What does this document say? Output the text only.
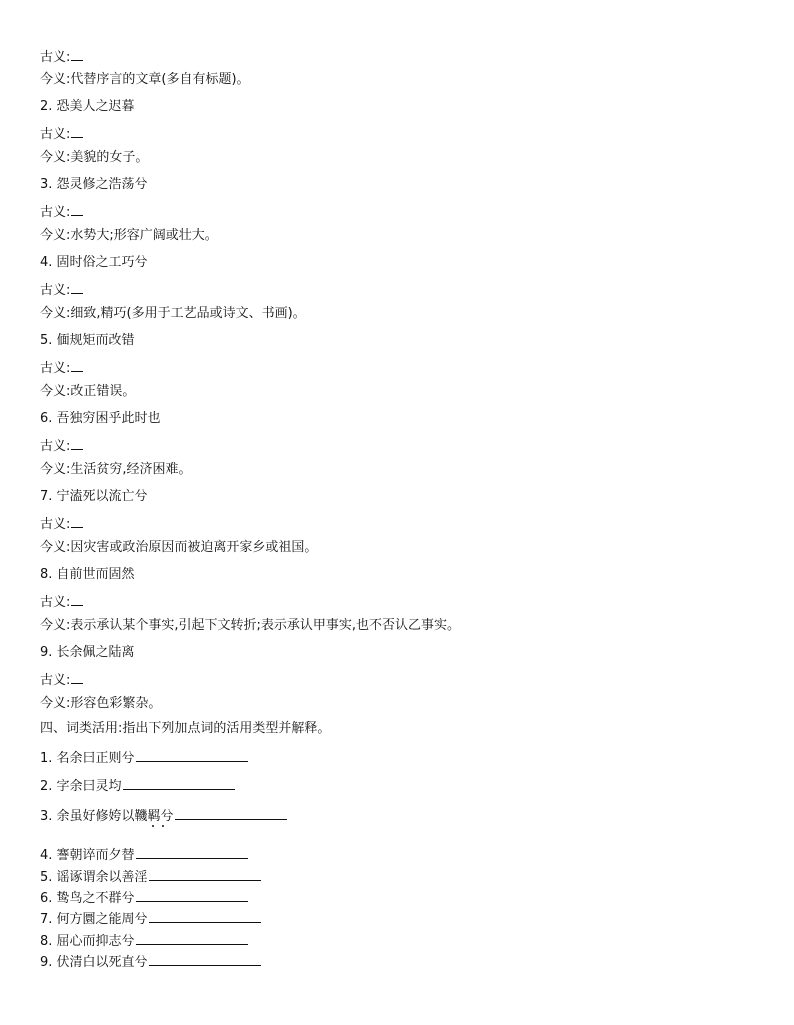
古义:
今义:代替序言的文章(多自有标题)。
2. 恐美人之迟暮
古义:
今义:美貌的女子。
3. 怨灵修之浩荡兮
古义:
今义:水势大;形容广阔或壮大。
4. 固时俗之工巧兮
古义:
今义:细致,精巧(多用于工艺品或诗文、书画)。
5. 偭规矩而改错
古义:
今义:改正错误。
6. 吾独穷困乎此时也
古义:
今义:生活贫穷,经济困难。
7. 宁溘死以流亡兮
古义:
今义:因灾害或政治原因而被迫离开家乡或祖国。
8. 自前世而固然
古义:
今义:表示承认某个事实,引起下文转折;表示承认甲事实,也不否认乙事实。
9. 长余佩之陆离
古义:
今义:形容色彩繁杂。
四、词类活用:指出下列加点词的活用类型并解释。
1. 名余曰正则兮
2. 字余曰灵均
3. 余虽好修姱以鞿羁兮
4. 謇朝谇而夕替
5. 谣诼谓余以善淫
6. 鸷鸟之不群兮
7. 何方圜之能周兮
8. 屈心而抑志兮
9. 伏清白以死直兮
